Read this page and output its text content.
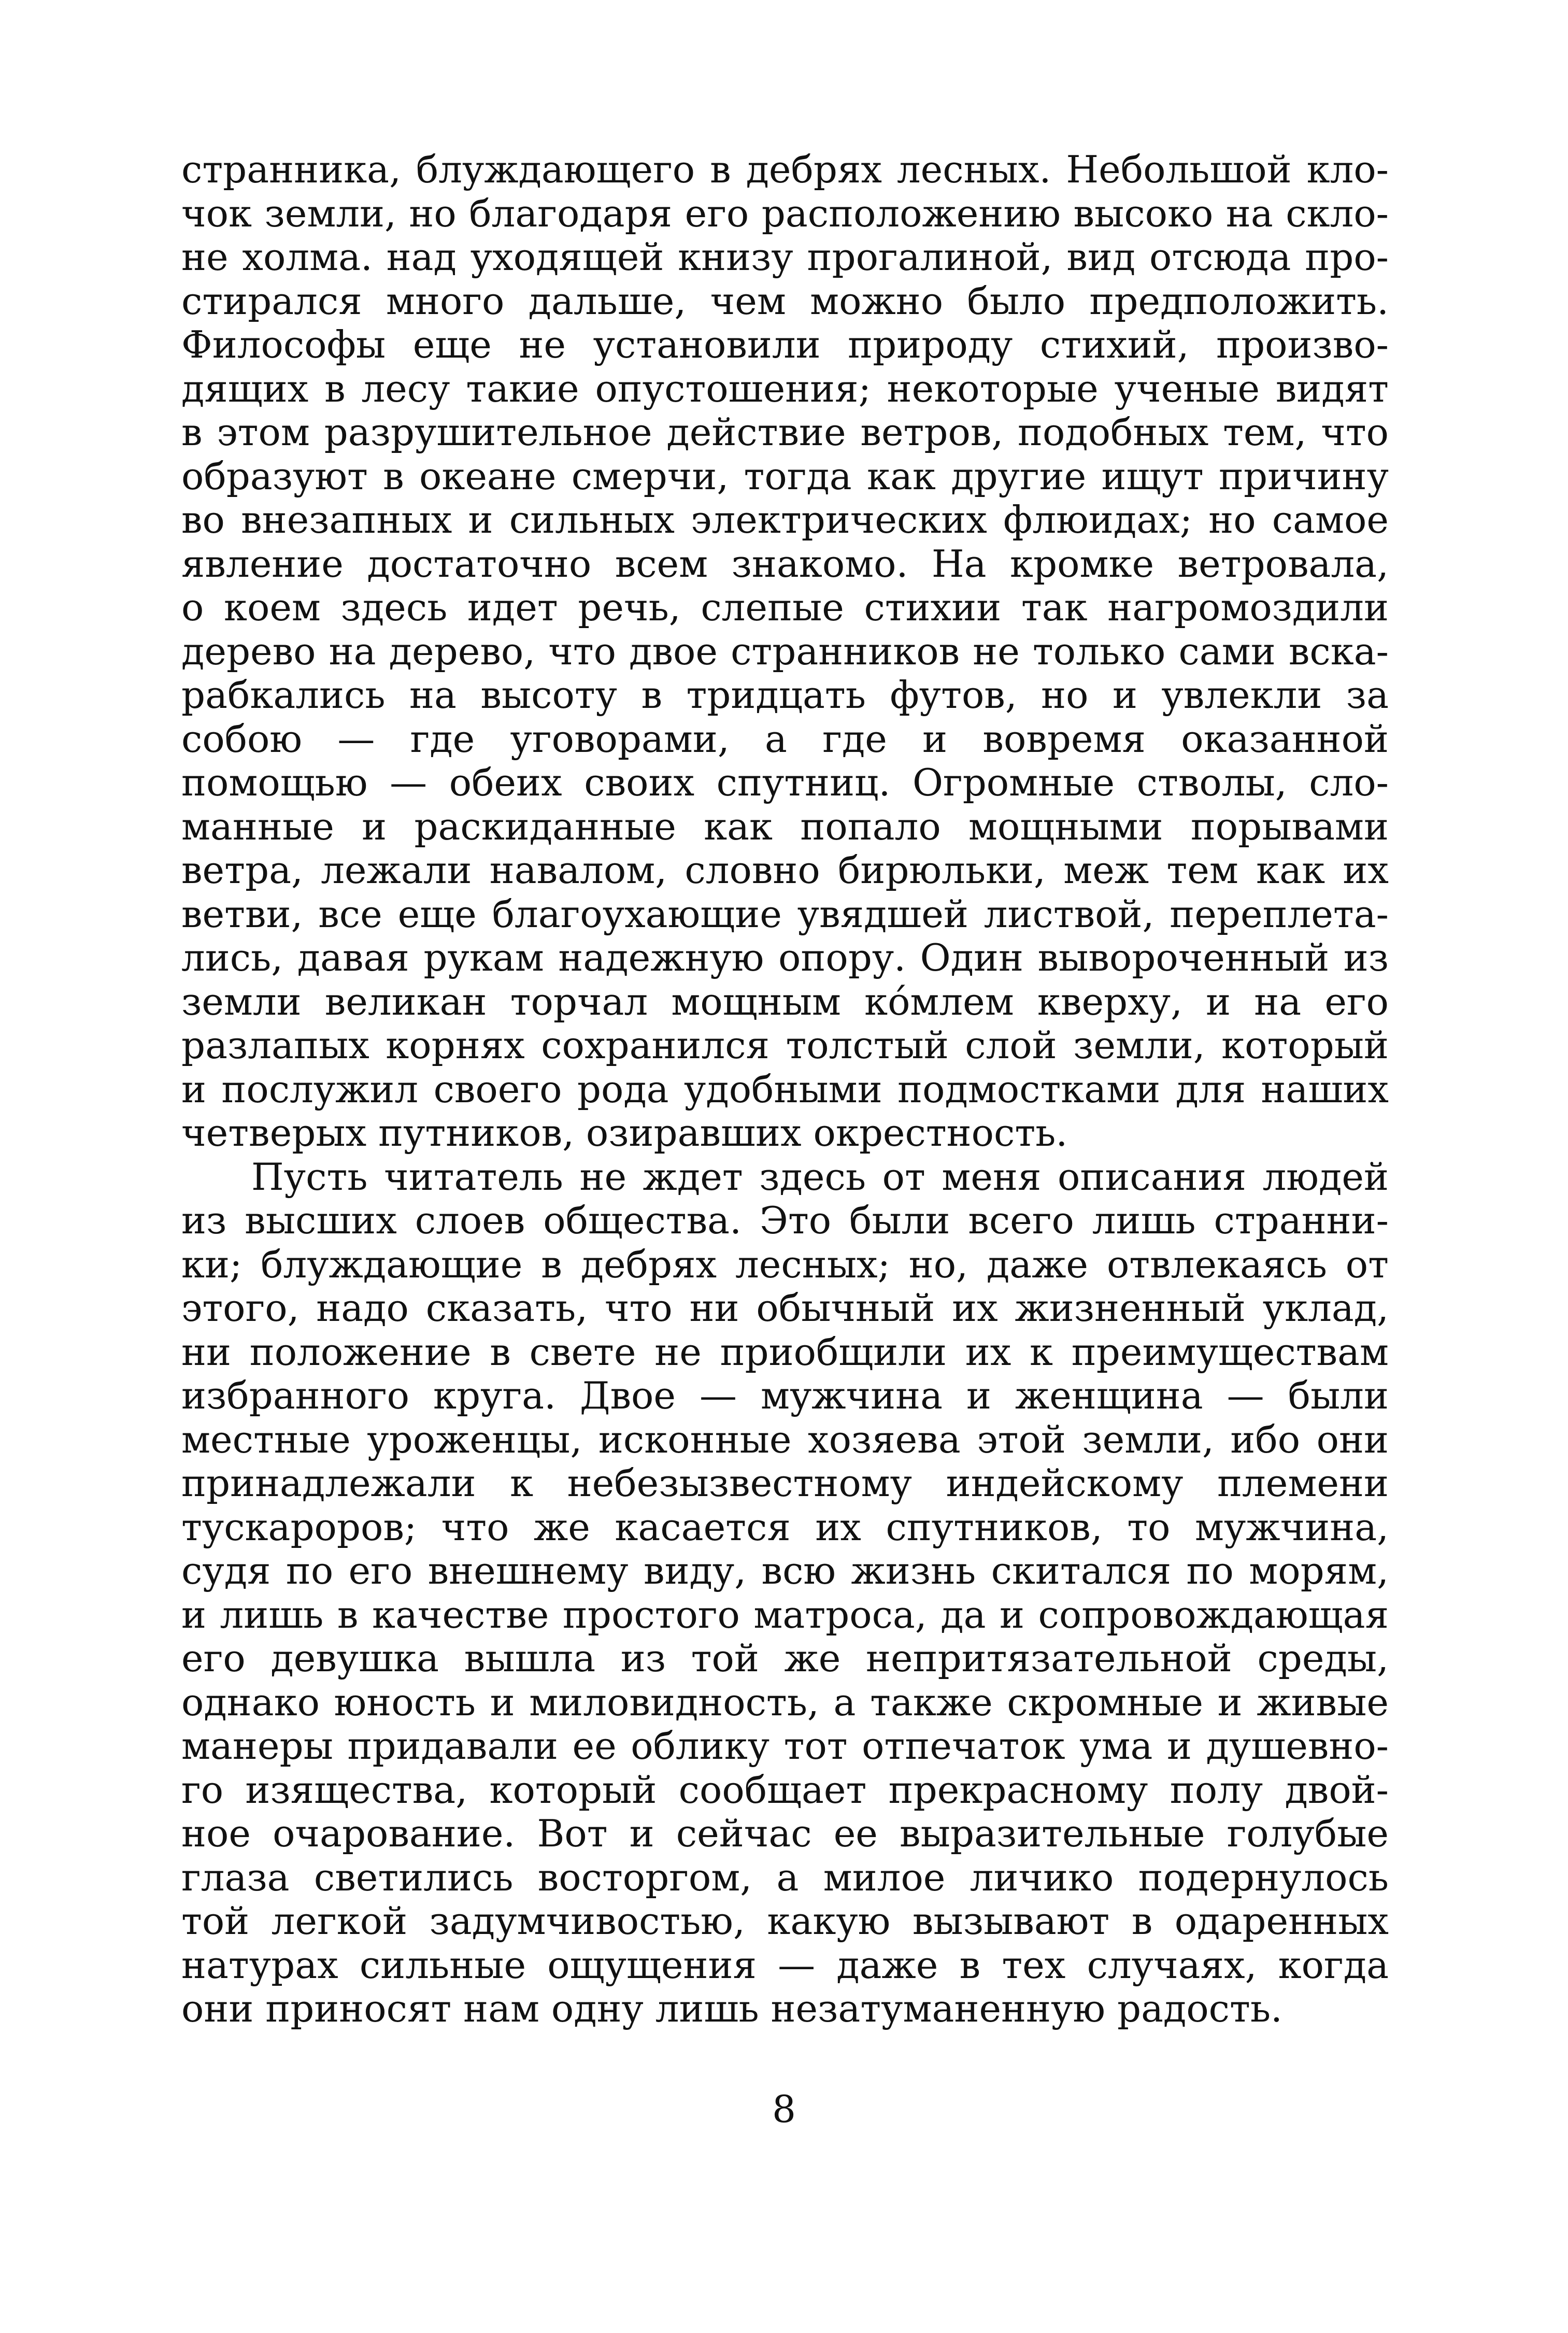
странника, блуждающего в дебрях лесных. Небольшой кло-
чок земли, но благодаря его расположению высоко на скло-
не холма. над уходящей книзу прогалиной, вид отсюда про-
стирался много дальше, чем можно было предположить.
Философы еще не установили природу стихий, произво-
дящих в лесу такие опустошения; некоторые ученые видят
в этом разрушительное действие ветров, подобных тем, что
образуют в океане смерчи, тогда как другие ищут причину
во внезапных и сильных электрических флюидах; но самое
явление достаточно всем знакомо. На кромке ветровала,
о коем здесь идет речь, слепые стихии так нагромоздили
дерево на дерево, что двое странников не только сами вска-
рабкались на высоту в тридцать футов, но и увлекли за
собою — где уговорами, а где и вовремя оказанной
помощью — обеих своих спутниц. Огромные стволы, сло-
манные и раскиданные как попало мощными порывами
ветра, лежали навалом, словно бирюльки, меж тем как их
ветви, все еще благоухающие увядшей листвой, переплета-
лись, давая рукам надежную опору. Один вывороченный из
земли великан торчал мощным ко́млем кверху, и на его
разлапых корнях сохранился толстый слой земли, который
и послужил своего рода удобными подмостками для наших
четверых путников, озиравших окрестность.
Пусть читатель не ждет здесь от меня описания людей
из высших слоев общества. Это были всего лишь странни-
ки; блуждающие в дебрях лесных; но, даже отвлекаясь от
этого, надо сказать, что ни обычный их жизненный уклад,
ни положение в свете не приобщили их к преимуществам
избранного круга. Двое — мужчина и женщина — были
местные уроженцы, исконные хозяева этой земли, ибо они
принадлежали к небезызвестному индейскому племени
тускароров; что же касается их спутников, то мужчина,
судя по его внешнему виду, всю жизнь скитался по морям,
и лишь в качестве простого матроса, да и сопровождающая
его девушка вышла из той же непритязательной среды,
однако юность и миловидность, а также скромные и живые
манеры придавали ее облику тот отпечаток ума и душевно-
го изящества, который сообщает прекрасному полу двой-
ное очарование. Вот и сейчас ее выразительные голубые
глаза светились восторгом, а милое личико подернулось
той легкой задумчивостью, какую вызывают в одаренных
натурах сильные ощущения — даже в тех случаях, когда
они приносят нам одну лишь незатуманенную радость.
8
